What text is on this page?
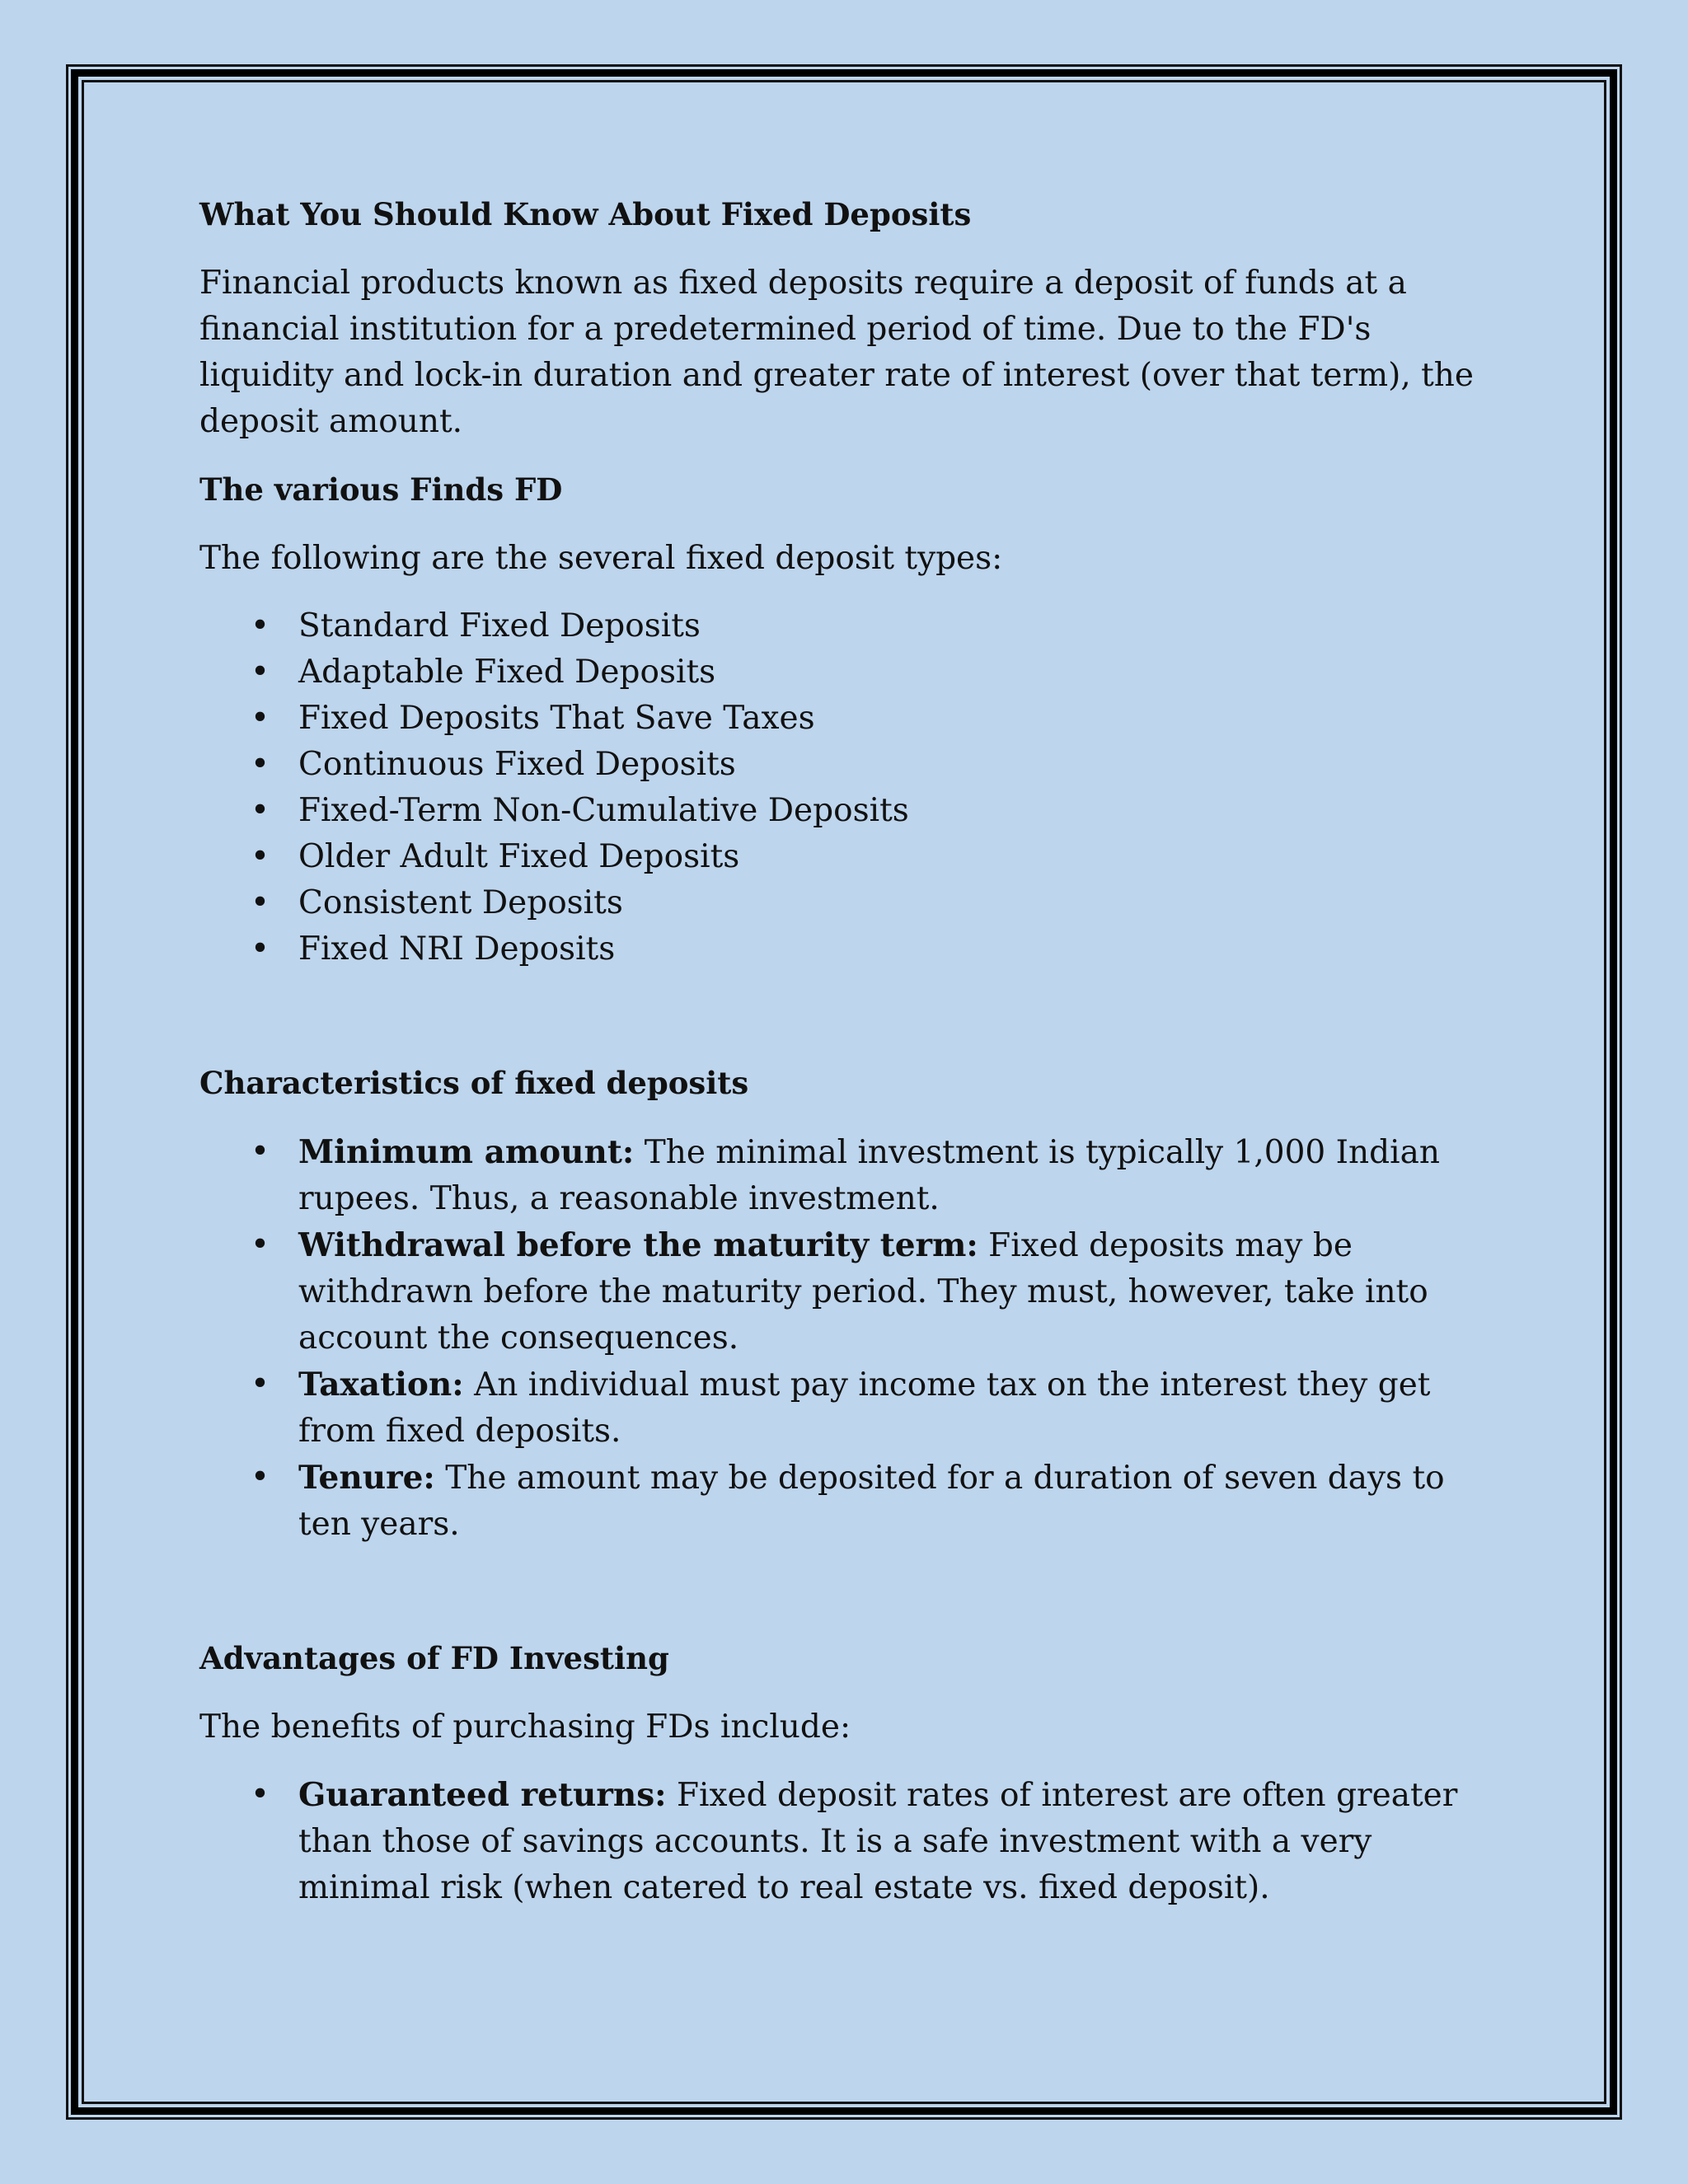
What You Should Know About Fixed Deposits

Financial products known as fixed deposits require a deposit of funds at a financial institution for a predetermined period of time. Due to the FD's liquidity and lock-in duration and greater rate of interest (over that term), the deposit amount.

The various Finds FD

The following are the several fixed deposit types:

• Standard Fixed Deposits
• Adaptable Fixed Deposits
• Fixed Deposits That Save Taxes
• Continuous Fixed Deposits
• Fixed-Term Non-Cumulative Deposits
• Older Adult Fixed Deposits
• Consistent Deposits
• Fixed NRI Deposits
Characteristics of fixed deposits
• Minimum amount: The minimal investment is typically 1,000 Indian rupees. Thus, a reasonable investment.
• Withdrawal before the maturity term: Fixed deposits may be withdrawn before the maturity period. They must, however, take into account the consequences.
• Taxation: An individual must pay income tax on the interest they get from fixed deposits.
• Tenure: The amount may be deposited for a duration of seven days to ten years.
Advantages of FD Investing

The benefits of purchasing FDs include:

• Guaranteed returns: Fixed deposit rates of interest are often greater than those of savings accounts. It is a safe investment with a very minimal risk (when catered to real estate vs. fixed deposit).
